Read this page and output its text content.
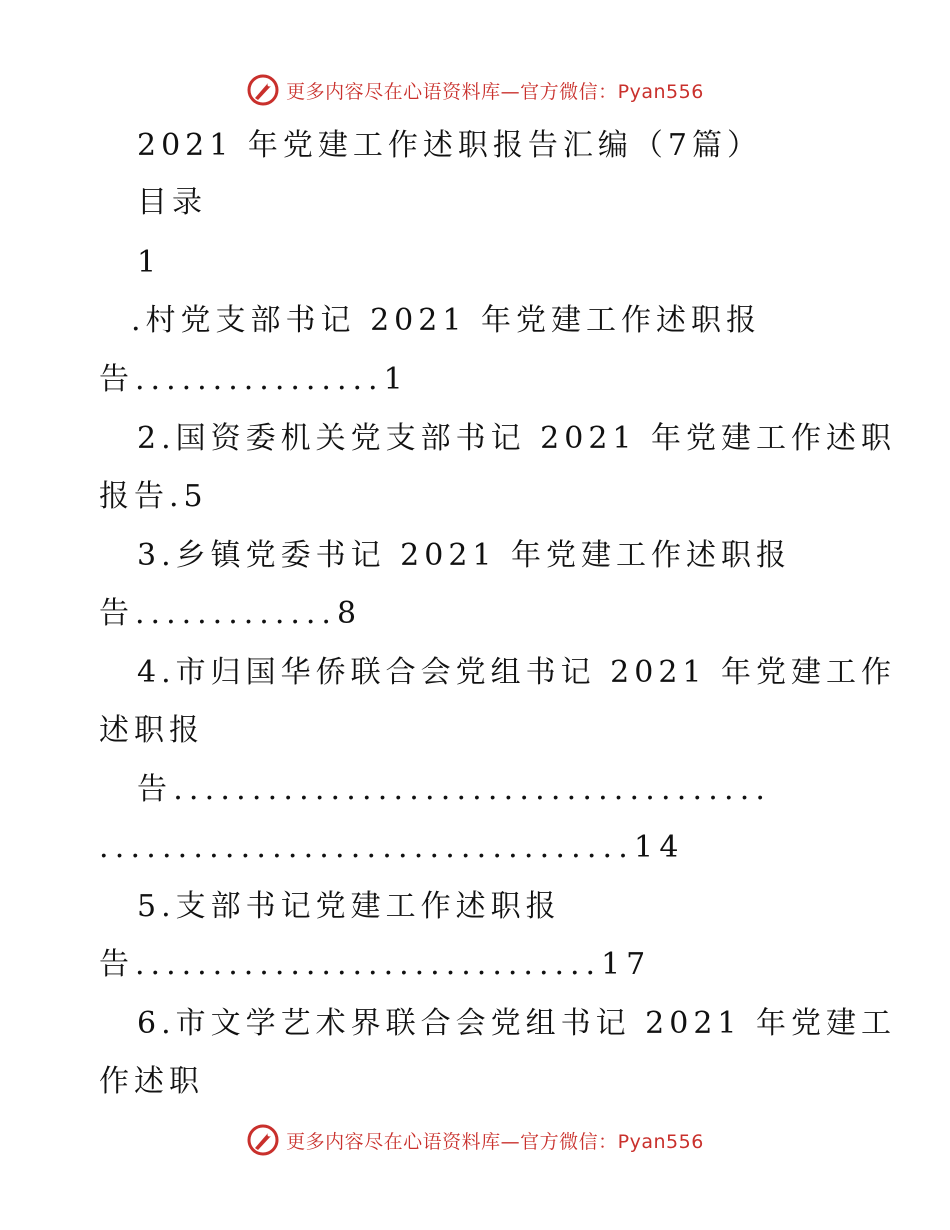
更多内容尽在心语资料库—官方微信：Pyan556
2021 年党建工作述职报告汇编（7篇）
目录
1
.村党支部书记 2021 年党建工作述职报
告................1
2.国资委机关党支部书记 2021 年党建工作述职
报告.5
3.乡镇党委书记 2021 年党建工作述职报
告.............8
4.市归国华侨联合会党组书记 2021 年党建工作
述职报
告......................................
..................................14
5.支部书记党建工作述职报
告..............................17
6.市文学艺术界联合会党组书记 2021 年党建工
作述职
更多内容尽在心语资料库—官方微信：Pyan556
